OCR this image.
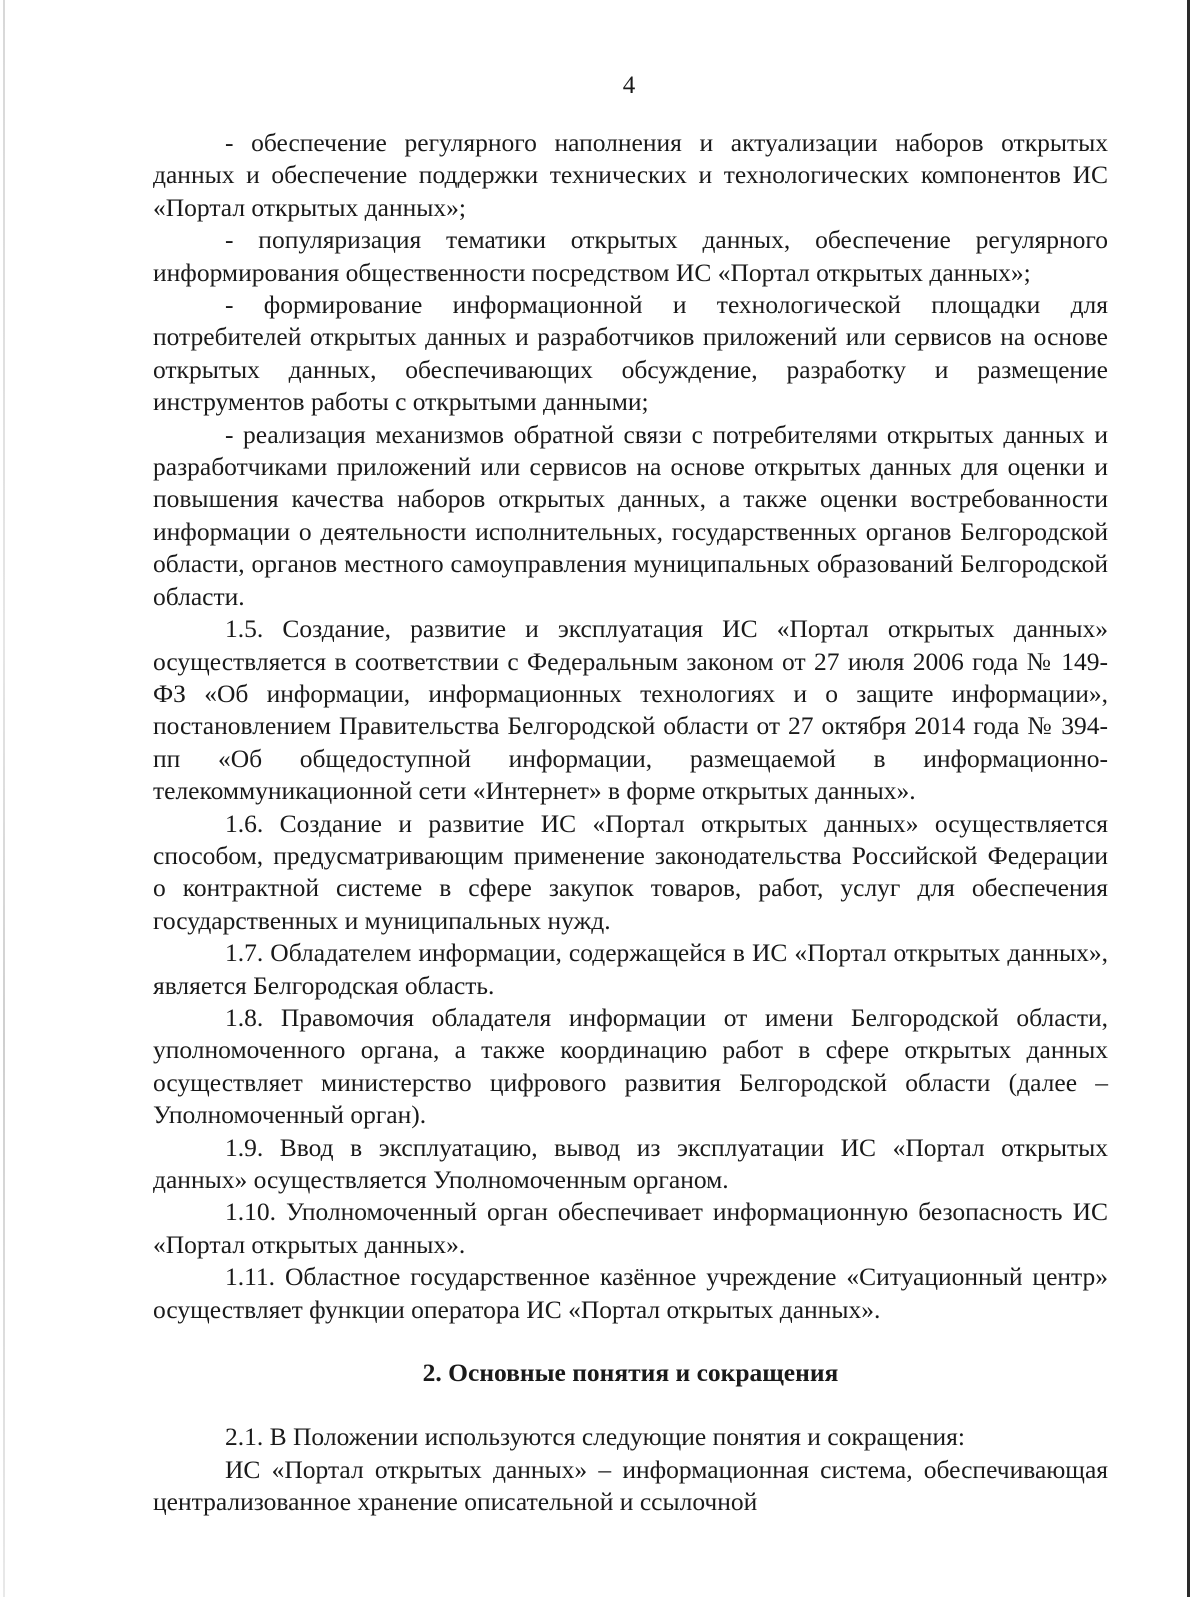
4

- обеспечение регулярного наполнения и актуализации наборов открытых данных и обеспечение поддержки технических и технологических компонентов ИС «Портал открытых данных»;

- популяризация тематики открытых данных, обеспечение регулярного информирования общественности посредством ИС «Портал открытых данных»;

- формирование информационной и технологической площадки для потребителей открытых данных и разработчиков приложений или сервисов на основе открытых данных, обеспечивающих обсуждение, разработку и размещение инструментов работы с открытыми данными;

- реализация механизмов обратной связи с потребителями открытых данных и разработчиками приложений или сервисов на основе открытых данных для оценки и повышения качества наборов открытых данных, а также оценки востребованности информации о деятельности исполнительных, государственных органов Белгородской области, органов местного самоуправления муниципальных образований Белгородской области.

1.5. Создание, развитие и эксплуатация ИС «Портал открытых данных» осуществляется в соответствии с Федеральным законом от 27 июля 2006 года № 149-ФЗ «Об информации, информационных технологиях и о защите информации», постановлением Правительства Белгородской области от 27 октября 2014 года № 394-пп «Об общедоступной информации, размещаемой в информационно-телекоммуникационной сети «Интернет» в форме открытых данных».

1.6. Создание и развитие ИС «Портал открытых данных» осуществляется способом, предусматривающим применение законодательства Российской Федерации о контрактной системе в сфере закупок товаров, работ, услуг для обеспечения государственных и муниципальных нужд.

1.7. Обладателем информации, содержащейся в ИС «Портал открытых данных», является Белгородская область.

1.8. Правомочия обладателя информации от имени Белгородской области, уполномоченного органа, а также координацию работ в сфере открытых данных осуществляет министерство цифрового развития Белгородской области (далее – Уполномоченный орган).

1.9. Ввод в эксплуатацию, вывод из эксплуатации ИС «Портал открытых данных» осуществляется Уполномоченным органом.

1.10. Уполномоченный орган обеспечивает информационную безопасность ИС «Портал открытых данных».

1.11. Областное государственное казённое учреждение «Ситуационный центр» осуществляет функции оператора ИС «Портал открытых данных».

2. Основные понятия и сокращения

2.1. В Положении используются следующие понятия и сокращения:

ИС «Портал открытых данных» – информационная система, обеспечивающая централизованное хранение описательной и ссылочной
